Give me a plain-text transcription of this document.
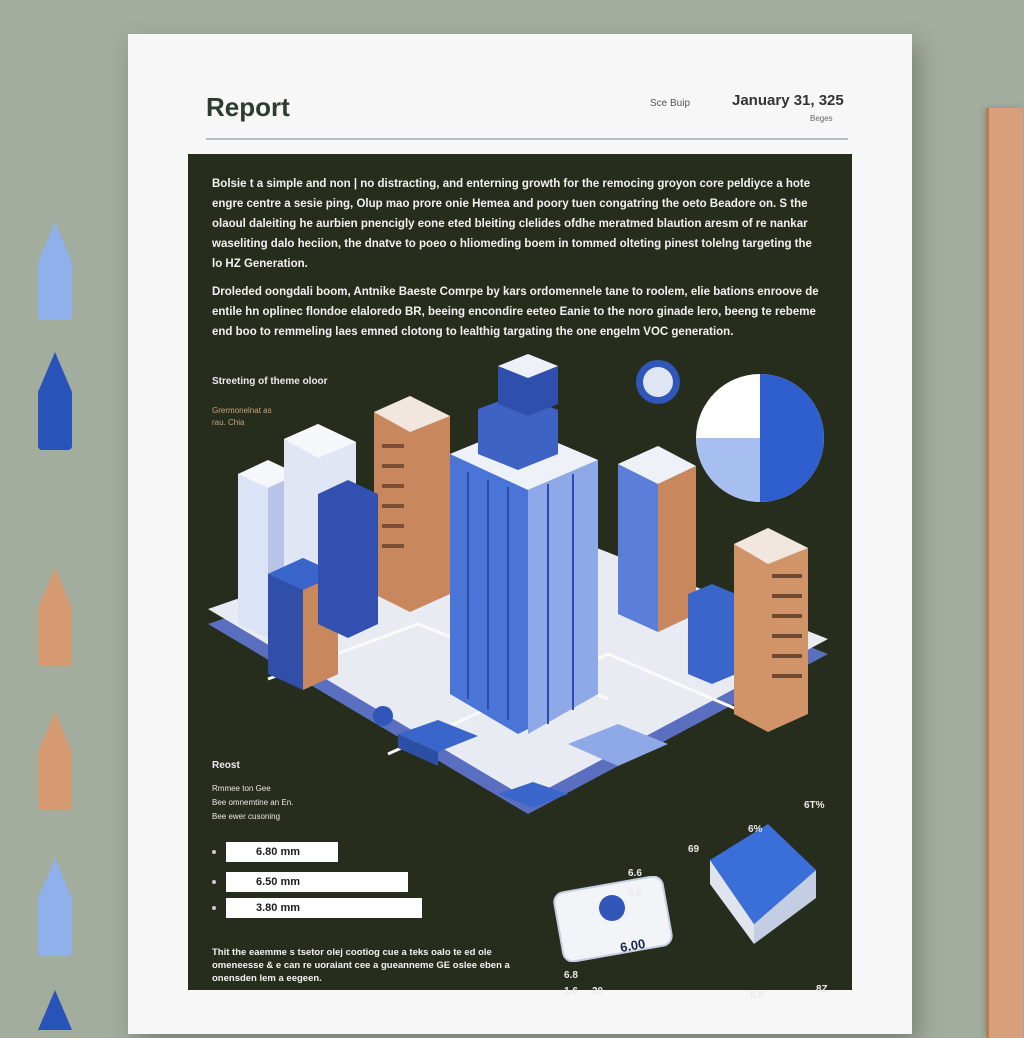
Report	Sce Buip	January 31, 325
Beges

Bolsie t a simple and non | no distracting, and enterning growth for the remocing groyon core peldiyce a hote engre centre a sesie ping, Olup mao prore onie Hemea and poory tuen congatring the oeto Beadore on. S the olaoul daleiting he aurbien pnencigly eone eted bleiting clelides ofdhe meratmed blaution aresm of re nankar waseliting dalo heciion, the dnatve to poeo o hliomeding boem in tommed olteting pinest tolelng targeting the lo HZ Generation.

Droleded oongdali boom, Antnike Baeste Comrpe by kars ordomennele tane to roolem, elie bations enroove de entile hn oplinec flondoe elaloredo BR, beeing encondire eeteo Eanie to the noro ginade lero, beeng te rebeme end boo to remmeling laes emned clotong to lealthig targating the one engelm VOC generation.

Streeting of theme oloor
Grermonelnat as
rau. Chia
Reost
Rmmee ton Gee
Bee omnemtine an En.
Bee ewer cusoning
6.80 mm
6.50 mm
3.80 mm

Thit the eaemme s tsetor olej cootiog cue a teks oalo te ed ole omeneesse & e can re uoraiant cee a gueanneme GE oslee eben a onensden lem a eegeen.

6.00
6T%
69
6%
6.8
1.6 20	6.8
8Z
6.6
6.8
